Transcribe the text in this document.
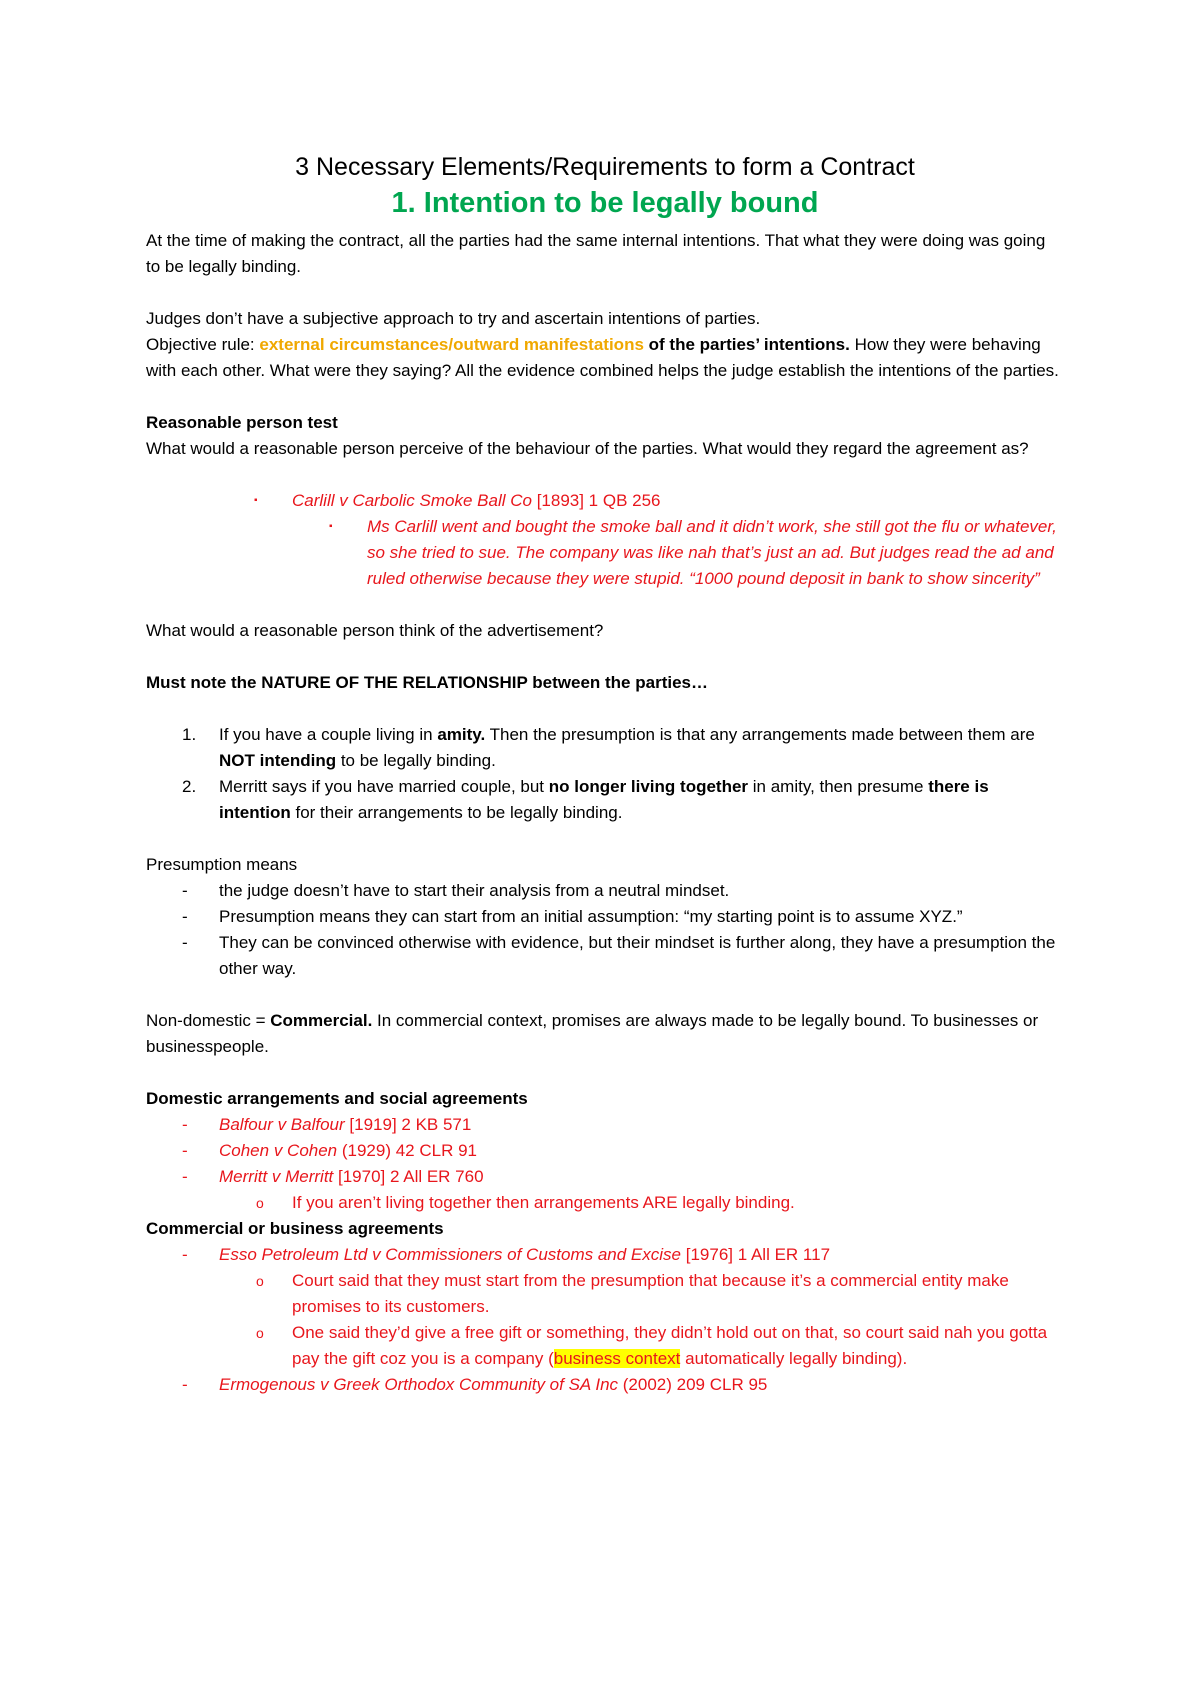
3 Necessary Elements/Requirements to form a Contract
1. Intention to be legally bound

At the time of making the contract, all the parties had the same internal intentions. That what they were doing was going to be legally binding.

Judges don’t have a subjective approach to try and ascertain intentions of parties.

Objective rule: external circumstances/outward manifestations of the parties’ intentions. How they were behaving with each other. What were they saying? All the evidence combined helps the judge establish the intentions of the parties.

Reasonable person test

What would a reasonable person perceive of the behaviour of the parties. What would they regard the agreement as?

▪ Carlill v Carbolic Smoke Ball Co [1893] 1 QB 256
▪ Ms Carlill went and bought the smoke ball and it didn’t work, she still got the flu or whatever, so she tried to sue. The company was like nah that’s just an ad. But judges read the ad and ruled otherwise because they were stupid. “1000 pound deposit in bank to show sincerity”

What would a reasonable person think of the advertisement?

Must note the NATURE OF THE RELATIONSHIP between the parties…

1. If you have a couple living in amity. Then the presumption is that any arrangements made between them are NOT intending to be legally binding.
2. Merritt says if you have married couple, but no longer living together in amity, then presume there is intention for their arrangements to be legally binding.

Presumption means

- the judge doesn’t have to start their analysis from a neutral mindset.
- Presumption means they can start from an initial assumption: “my starting point is to assume XYZ.”
- They can be convinced otherwise with evidence, but their mindset is further along, they have a presumption the other way.

Non-domestic = Commercial. In commercial context, promises are always made to be legally bound. To businesses or businesspeople.

Domestic arrangements and social agreements

- Balfour v Balfour [1919] 2 KB 571
- Cohen v Cohen (1929) 42 CLR 91
- Merritt v Merritt [1970] 2 All ER 760
o If you aren’t living together then arrangements ARE legally binding.

Commercial or business agreements

- Esso Petroleum Ltd v Commissioners of Customs and Excise [1976] 1 All ER 117
o Court said that they must start from the presumption that because it’s a commercial entity make promises to its customers.
o One said they’d give a free gift or something, they didn’t hold out on that, so court said nah you gotta pay the gift coz you is a company (business context automatically legally binding).
- Ermogenous v Greek Orthodox Community of SA Inc (2002) 209 CLR 95
